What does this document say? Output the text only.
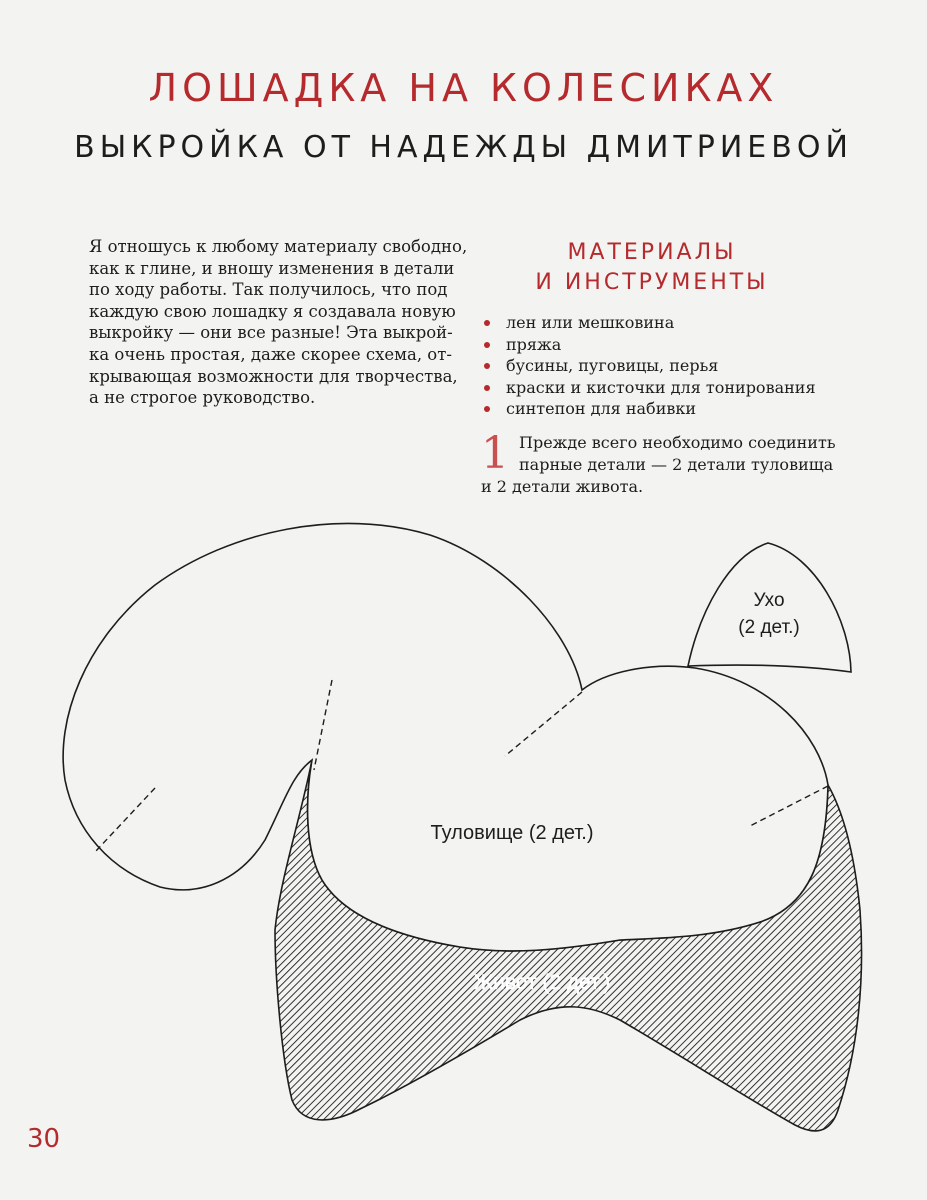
ЛОШАДКА НА КОЛЕСИКАХ
ВЫКРОЙКА ОТ НАДЕЖДЫ ДМИТРИЕВОЙ

Я отношусь к любому материалу свободно,
как к глине, и вношу изменения в детали
по ходу работы. Так получилось, что под
каждую свою лошадку я создавала новую
выкройку — они все разные! Эта выкрой-
ка очень простая, даже скорее схема, от-
крывающая возможности для творчества,
а не строгое руководство.

МАТЕРИАЛЫ
И ИНСТРУМЕНТЫ
лен или мешковина
пряжа
бусины, пуговицы, перья
краски и кисточки для тонирования
синтепон для набивки
1 Прежде всего необходимо соединить
парные детали — 2 детали туловища
и 2 детали живота.
Ухо
(2 дет.)
Туловище (2 дет.)
Живот (2 дет.)
30
